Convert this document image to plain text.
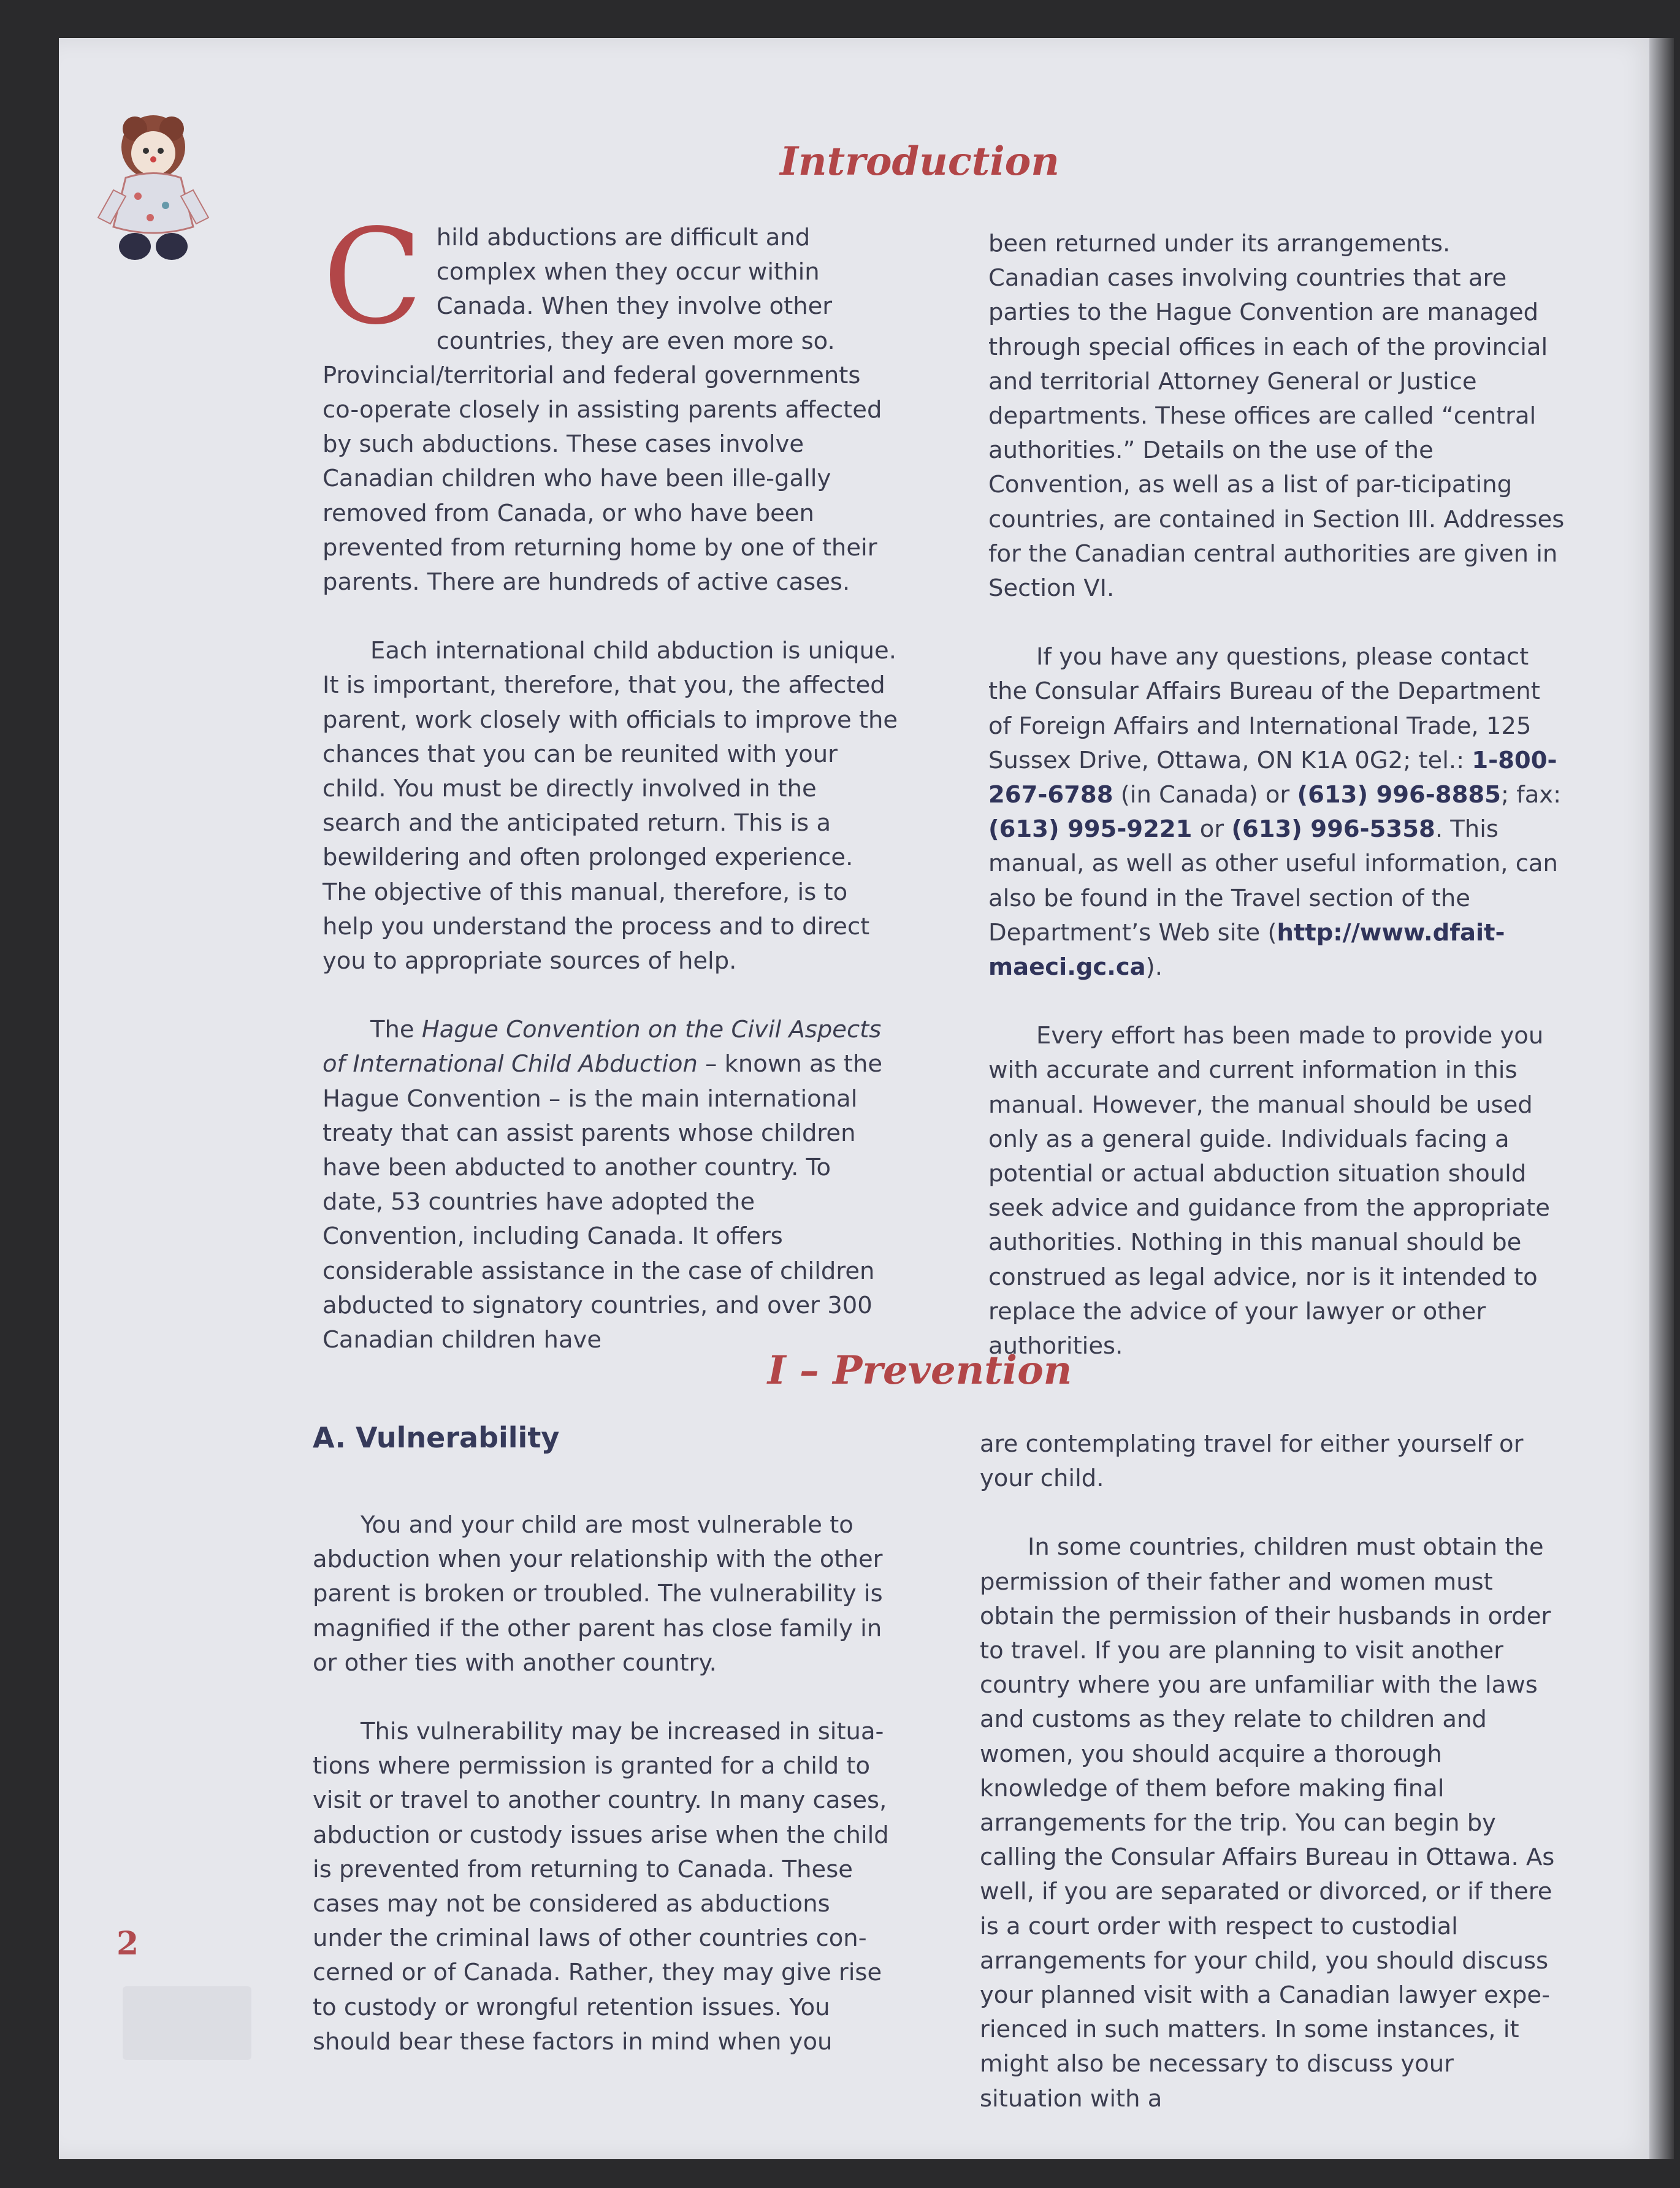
Introduction

Child abductions are difficult and complex when they occur within Canada. When they involve other countries, they are even more so. Provincial/territorial and federal governments co-operate closely in assisting parents affected by such abductions. These cases involve Canadian children who have been ille-gally removed from Canada, or who have been prevented from returning home by one of their parents. There are hundreds of active cases.

Each international child abduction is unique. It is important, therefore, that you, the affected parent, work closely with officials to improve the chances that you can be reunited with your child. You must be directly involved in the search and the anticipated return. This is a bewildering and often prolonged experience. The objective of this manual, therefore, is to help you understand the process and to direct you to appropriate sources of help.

The Hague Convention on the Civil Aspects of International Child Abduction – known as the Hague Convention – is the main international treaty that can assist parents whose children have been abducted to another country. To date, 53 countries have adopted the Convention, including Canada. It offers considerable assistance in the case of children abducted to signatory countries, and over 300 Canadian children have

been returned under its arrangements. Canadian cases involving countries that are parties to the Hague Convention are managed through special offices in each of the provincial and territorial Attorney General or Justice departments. These offices are called “central authorities.” Details on the use of the Convention, as well as a list of par-ticipating countries, are contained in Section III. Addresses for the Canadian central authorities are given in Section VI.

If you have any questions, please contact the Consular Affairs Bureau of the Department of Foreign Affairs and International Trade, 125 Sussex Drive, Ottawa, ON K1A 0G2; tel.: 1-800-267-6788 (in Canada) or (613) 996-8885; fax: (613) 995-9221 or (613) 996-5358. This manual, as well as other useful information, can also be found in the Travel section of the Department’s Web site (http://www.dfait-maeci.gc.ca).

Every effort has been made to provide you with accurate and current information in this manual. However, the manual should be used only as a general guide. Individuals facing a potential or actual abduction situation should seek advice and guidance from the appropriate authorities. Nothing in this manual should be construed as legal advice, nor is it intended to replace the advice of your lawyer or other authorities.

I – Prevention
A. Vulnerability

You and your child are most vulnerable to abduction when your relationship with the other parent is broken or troubled. The vulnerability is magnified if the other parent has close family in or other ties with another country.

This vulnerability may be increased in situa-tions where permission is granted for a child to visit or travel to another country. In many cases, abduction or custody issues arise when the child is prevented from returning to Canada. These cases may not be considered as abductions under the criminal laws of other countries con-cerned or of Canada. Rather, they may give rise to custody or wrongful retention issues. You should bear these factors in mind when you

are contemplating travel for either yourself or your child.

In some countries, children must obtain the permission of their father and women must obtain the permission of their husbands in order to travel. If you are planning to visit another country where you are unfamiliar with the laws and customs as they relate to children and women, you should acquire a thorough knowledge of them before making final arrangements for the trip. You can begin by calling the Consular Affairs Bureau in Ottawa. As well, if you are separated or divorced, or if there is a court order with respect to custodial arrangements for your child, you should discuss your planned visit with a Canadian lawyer expe-rienced in such matters. In some instances, it might also be necessary to discuss your situation with a

2
